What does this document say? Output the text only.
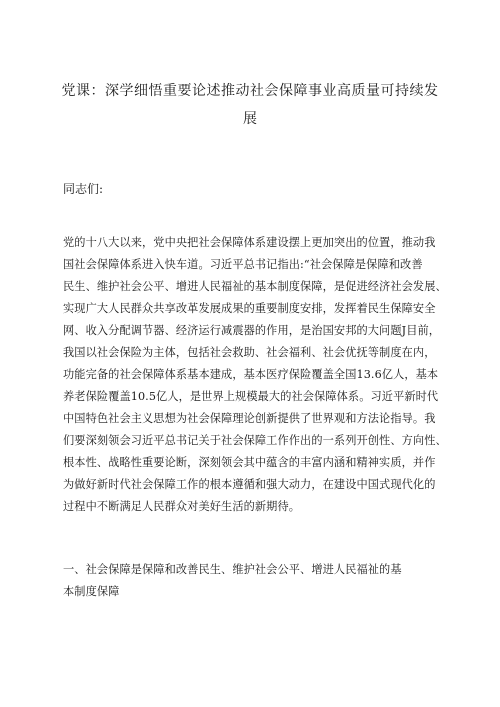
党课：深学细悟重要论述推动社会保障事业高质量可持续发
展
同志们:
党的十八大以来，党中央把社会保障体系建设摆上更加突出的位置，推动我
国社会保障体系进入快车道。习近平总书记指出:“社会保障是保障和改善
民生、维护社会公平、增进人民福祉的基本制度保障，是促进经济社会发展、
实现广大人民群众共享改革发展成果的重要制度安排，发挥着民生保障安全
网、收入分配调节器、经济运行减震器的作用，是治国安邦的大问题J目前，
我国以社会保险为主体，包括社会救助、社会福利、社会优抚等制度在内，
功能完备的社会保障体系基本建成，基本医疗保险覆盖全国13.6亿人，基本
养老保险覆盖10.5亿人，是世界上规模最大的社会保障体系。习近平新时代
中国特色社会主义思想为社会保障理论创新提供了世界观和方法论指导。我
们要深刻领会习近平总书记关于社会保障工作作出的一系列开创性、方向性、
根本性、战略性重要论断，深刻领会其中蕴含的丰富内涵和精神实质，并作
为做好新时代社会保障工作的根本遵循和强大动力，在建设中国式现代化的
过程中不断满足人民群众对美好生活的新期待。
一、社会保障是保障和改善民生、维护社会公平、增进人民福祉的基
本制度保障
